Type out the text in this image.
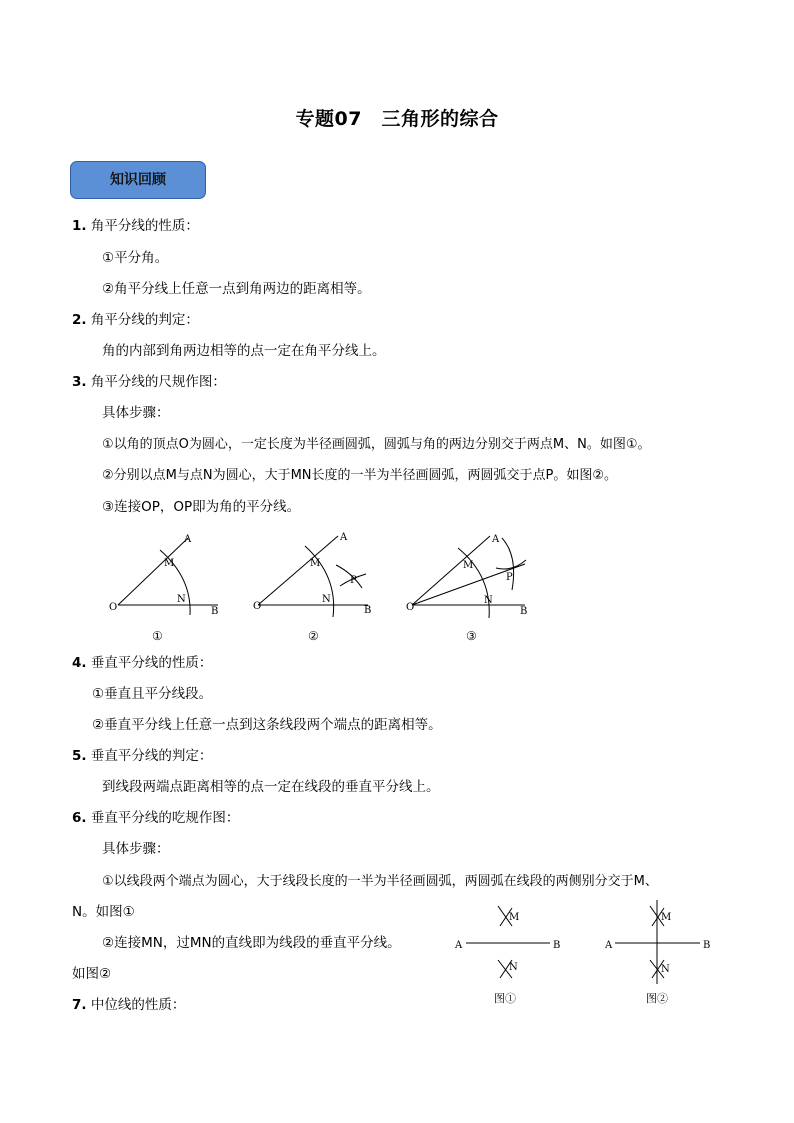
专题07　三角形的综合
知识回顾
1. 角平分线的性质：
①平分角。
②角平分线上任意一点到角两边的距离相等。
2. 角平分线的判定：
角的内部到角两边相等的点一定在角平分线上。
3. 角平分线的尺规作图：
具体步骤：
①以角的顶点O为圆心，一定长度为半径画圆弧，圆弧与角的两边分别交于两点M、N。如图①。
②分别以点M与点N为圆心，大于MN长度的一半为半径画圆弧，两圆弧交于点P。如图②。
③连接OP，OP即为角的平分线。
A
M
O
N
B
A
M
O
N
B
P
A
M
O
N
B
P
①	②	③
4. 垂直平分线的性质：
①垂直且平分线段。
②垂直平分线上任意一点到这条线段两个端点的距离相等。
5. 垂直平分线的判定：
到线段两端点距离相等的点一定在线段的垂直平分线上。
6. 垂直平分线的吃规作图：
具体步骤：
①以线段两个端点为圆心，大于线段长度的一半为半径画圆弧，两圆弧在线段的两侧别分交于M、
N。如图①
②连接MN，过MN的直线即为线段的垂直平分线。
如图②
7. 中位线的性质：
A	B
M
N
A	B
M
N
图①	图②
